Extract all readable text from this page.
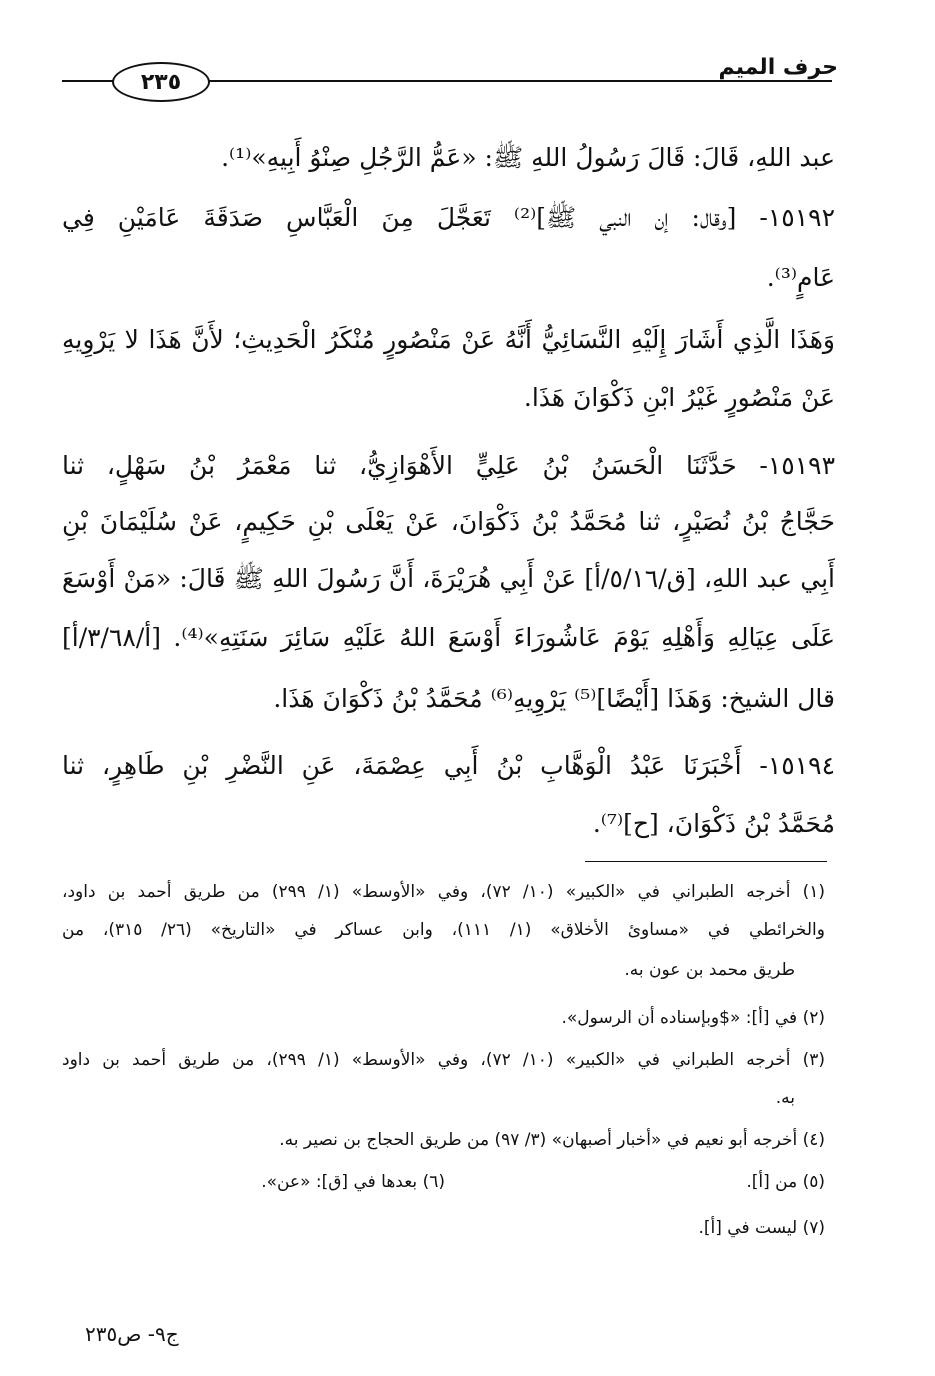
حرف الميم
٢٣٥
عبد اللهِ، قَالَ: قَالَ رَسُولُ اللهِ ﷺ: «عَمُّ الرَّجُلِ صِنْوُ أَبِيهِ»⁽¹⁾.
١٥١٩٢- [وقال: إن النبي ﷺ]⁽²⁾ تَعَجَّلَ مِنَ الْعَبَّاسِ صَدَقَةَ عَامَيْنِ فِي
عَامٍ⁽³⁾.
وَهَذَا الَّذِي أَشَارَ إِلَيْهِ النَّسَائِيُّ أَنَّهُ عَنْ مَنْصُورٍ مُنْكَرُ الْحَدِيثِ؛ لأَنَّ هَذَا لا يَرْوِيهِ
عَنْ مَنْصُورٍ غَيْرُ ابْنِ ذَكْوَانَ هَذَا.
١٥١٩٣- حَدَّثَنَا الْحَسَنُ بْنُ عَلِيٍّ الأَهْوَازِيُّ، ثنا مَعْمَرُ بْنُ سَهْلٍ، ثنا
حَجَّاجُ بْنُ نُصَيْرٍ، ثنا مُحَمَّدُ بْنُ ذَكْوَانَ، عَنْ يَعْلَى بْنِ حَكِيمٍ، عَنْ سُلَيْمَانَ بْنِ
أَبِي عبد اللهِ، [ق/٥/١٦/أ] عَنْ أَبِي هُرَيْرَةَ، أَنَّ رَسُولَ اللهِ ﷺ قَالَ: «مَنْ أَوْسَعَ
عَلَى عِيَالِهِ وَأَهْلِهِ يَوْمَ عَاشُورَاءَ أَوْسَعَ اللهُ عَلَيْهِ سَائِرَ سَنَتِهِ»⁽⁴⁾. [أ/٣/٦٨/أ]
قال الشيخ: وَهَذَا [أَيْضًا]⁽⁵⁾ يَرْوِيهِ⁽⁶⁾ مُحَمَّدُ بْنُ ذَكْوَانَ هَذَا.
١٥١٩٤- أَخْبَرَنَا عَبْدُ الْوَهَّابِ بْنُ أَبِي عِصْمَةَ، عَنِ النَّضْرِ بْنِ طَاهِرٍ، ثنا
مُحَمَّدُ بْنُ ذَكْوَانَ، [ح]⁽⁷⁾.
(١) أخرجه الطبراني في «الكبير» (١٠/ ٧٢)، وفي «الأوسط» (١/ ٢٩٩) من طريق أحمد بن داود،
والخرائطي في «مساوئ الأخلاق» (١/ ١١١)، وابن عساكر في «التاريخ» (٢٦/ ٣١٥)، من
طريق محمد بن عون به.
(٢) في [أ]: «$وبإسناده أن الرسول».
(٣) أخرجه الطبراني في «الكبير» (١٠/ ٧٢)، وفي «الأوسط» (١/ ٢٩٩)، من طريق أحمد بن داود
به.
(٤) أخرجه أبو نعيم في «أخبار أصبهان» (٣/ ٩٧) من طريق الحجاج بن نصير به.
(٥) من [أ].
(٦) بعدها في [ق]: «عن».
(٧) ليست في [أ].
ج٩- ص٢٣٥
